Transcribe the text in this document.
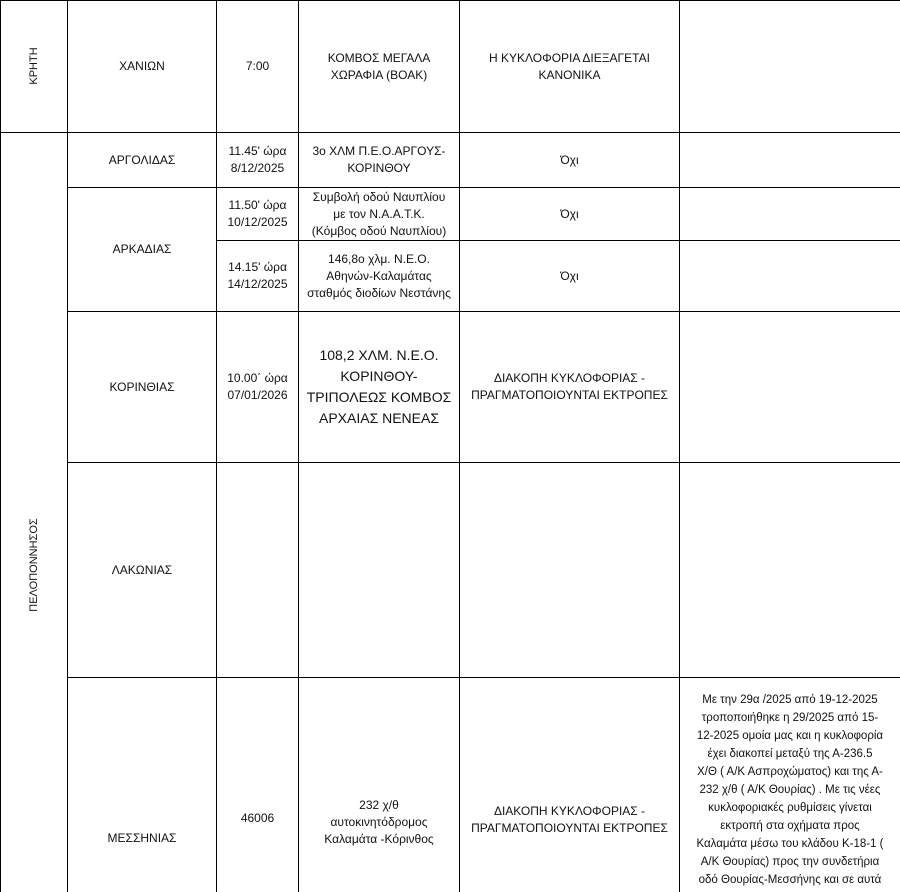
ΚΡΗΤΗ
ΠΕΛΟΠΟΝΝΗΣΟΣ
ΧΑΝΙΩΝ	7:00
ΚΟΜΒΟΣ ΜΕΓΑΛΑ
ΧΩΡΑΦΙΑ (ΒΟΑΚ)
Η ΚΥΚΛΟΦΟΡΙΑ ΔΙΕΞΑΓΕΤΑΙ
ΚΑΝΟΝΙΚΑ
ΑΡΓΟΛΙΔΑΣ
11.45' ώρα
8/12/2025
3ο ΧΛΜ Π.Ε.Ο.ΑΡΓΟΥΣ-
ΚΟΡΙΝΘΟΥ
Όχι
ΑΡΚΑΔΙΑΣ
11.50' ώρα
10/12/2025
Συμβολή οδού Ναυπλίου
με τον Ν.Α.Α.Τ.Κ.
(Κόμβος οδού Ναυπλίου)
Όχι
14.15' ώρα
14/12/2025
146,8ο χλμ. Ν.Ε.Ο.
Αθηνών-Καλαμάτας
σταθμός διοδίων Νεστάνης
Όχι
ΚΟΡΙΝΘΙΑΣ
10.00΄ ώρα
07/01/2026
108,2 ΧΛΜ. Ν.Ε.Ο.
ΚΟΡΙΝΘΟΥ-
ΤΡΙΠΟΛΕΩΣ ΚΟΜΒΟΣ
ΑΡΧΑΙΑΣ ΝΕΝΕΑΣ
ΔΙΑΚΟΠΗ ΚΥΚΛΟΦΟΡΙΑΣ -
ΠΡΑΓΜΑΤΟΠΟΙΟΥΝΤΑΙ ΕΚΤΡΟΠΕΣ
ΛΑΚΩΝΙΑΣ
ΜΕΣΣΗΝΙΑΣ
46006
232 χ/θ
αυτοκινητόδρομος
Καλαμάτα -Κόρινθος
ΔΙΑΚΟΠΗ ΚΥΚΛΟΦΟΡΙΑΣ -
ΠΡΑΓΜΑΤΟΠΟΙΟΥΝΤΑΙ ΕΚΤΡΟΠΕΣ
Με την 29α /2025 από 19-12-2025
τροποποιήθηκε η 29/2025 από 15-
12-2025 ομοία μας και η κυκλοφορία
έχει διακοπεί μεταξύ της Α-236.5
Χ/Θ ( Α/Κ Ασπροχώματος) και της Α-
232 χ/θ ( Α/Κ Θουρίας) . Με τις νέες
κυκλοφοριακές ρυθμίσεις γίνεται
εκτροπή στα οχήματα προς
Καλαμάτα μέσω του κλάδου Κ-18-1 (
Α/Κ Θουρίας) προς την συνδετήρια
οδό Θουρίας-Μεσσήνης και σε αυτά
